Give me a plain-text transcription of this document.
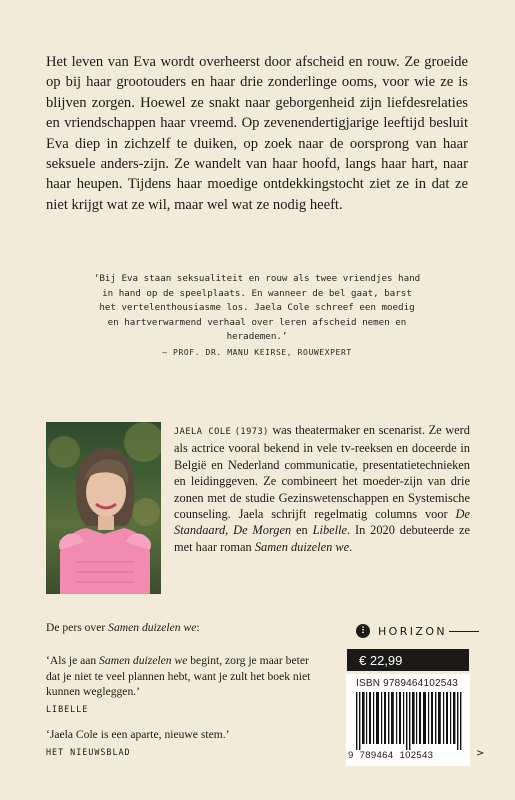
Het leven van Eva wordt overheerst door afscheid en rouw. Ze groeide op bij haar grootouders en haar drie zonderlinge ooms, voor wie ze is blijven zorgen. Hoewel ze snakt naar geborgenheid zijn liefdesrelaties en vriendschappen haar vreemd. Op zevenendertigjarige leeftijd besluit Eva diep in zichzelf te duiken, op zoek naar de oorsprong van haar seksuele anders-zijn. Ze wandelt van haar hoofd, langs haar hart, naar haar heupen. Tijdens haar moedige ontdekkingstocht ziet ze in dat ze niet krijgt wat ze wil, maar wel wat ze nodig heeft.

‘Bij Eva staan seksualiteit en rouw als twee vriendjes hand in hand op de speelplaats. En wanneer de bel gaat, barst het vertelenthousiasme los. Jaela Cole schreef een moedig en hartverwarmend verhaal over leren afscheid nemen en herademen.’
— PROF. DR. MANU KEIRSE, ROUWEXPERT

JAELA COLE (1973) was theatermaker en scenarist. Ze werd als actrice vooral bekend in vele tv-reeksen en doceerde in België en Nederland communicatie, presentatietechnieken en leidinggeven. Ze combineert het moeder-zijn van drie zonen met de studie Gezinswetenschappen en Systemische counseling. Jaela schrijft regelmatig columns voor De Standaard, De Morgen en Libelle. In 2020 debuteerde ze met haar roman Samen duizelen we.

De pers over Samen duizelen we:

‘Als je aan Samen duizelen we begint, zorg je maar beter dat je niet te veel plannen hebt, want je zult het boek niet kunnen wegleggen.’
LIBELLE

‘Jaela Cole is een aparte, nieuwe stem.’
HET NIEUWSBLAD

ⵗ	HORIZON
€ 22,99
ISBN 9789464102543
9 789464 102543	>
